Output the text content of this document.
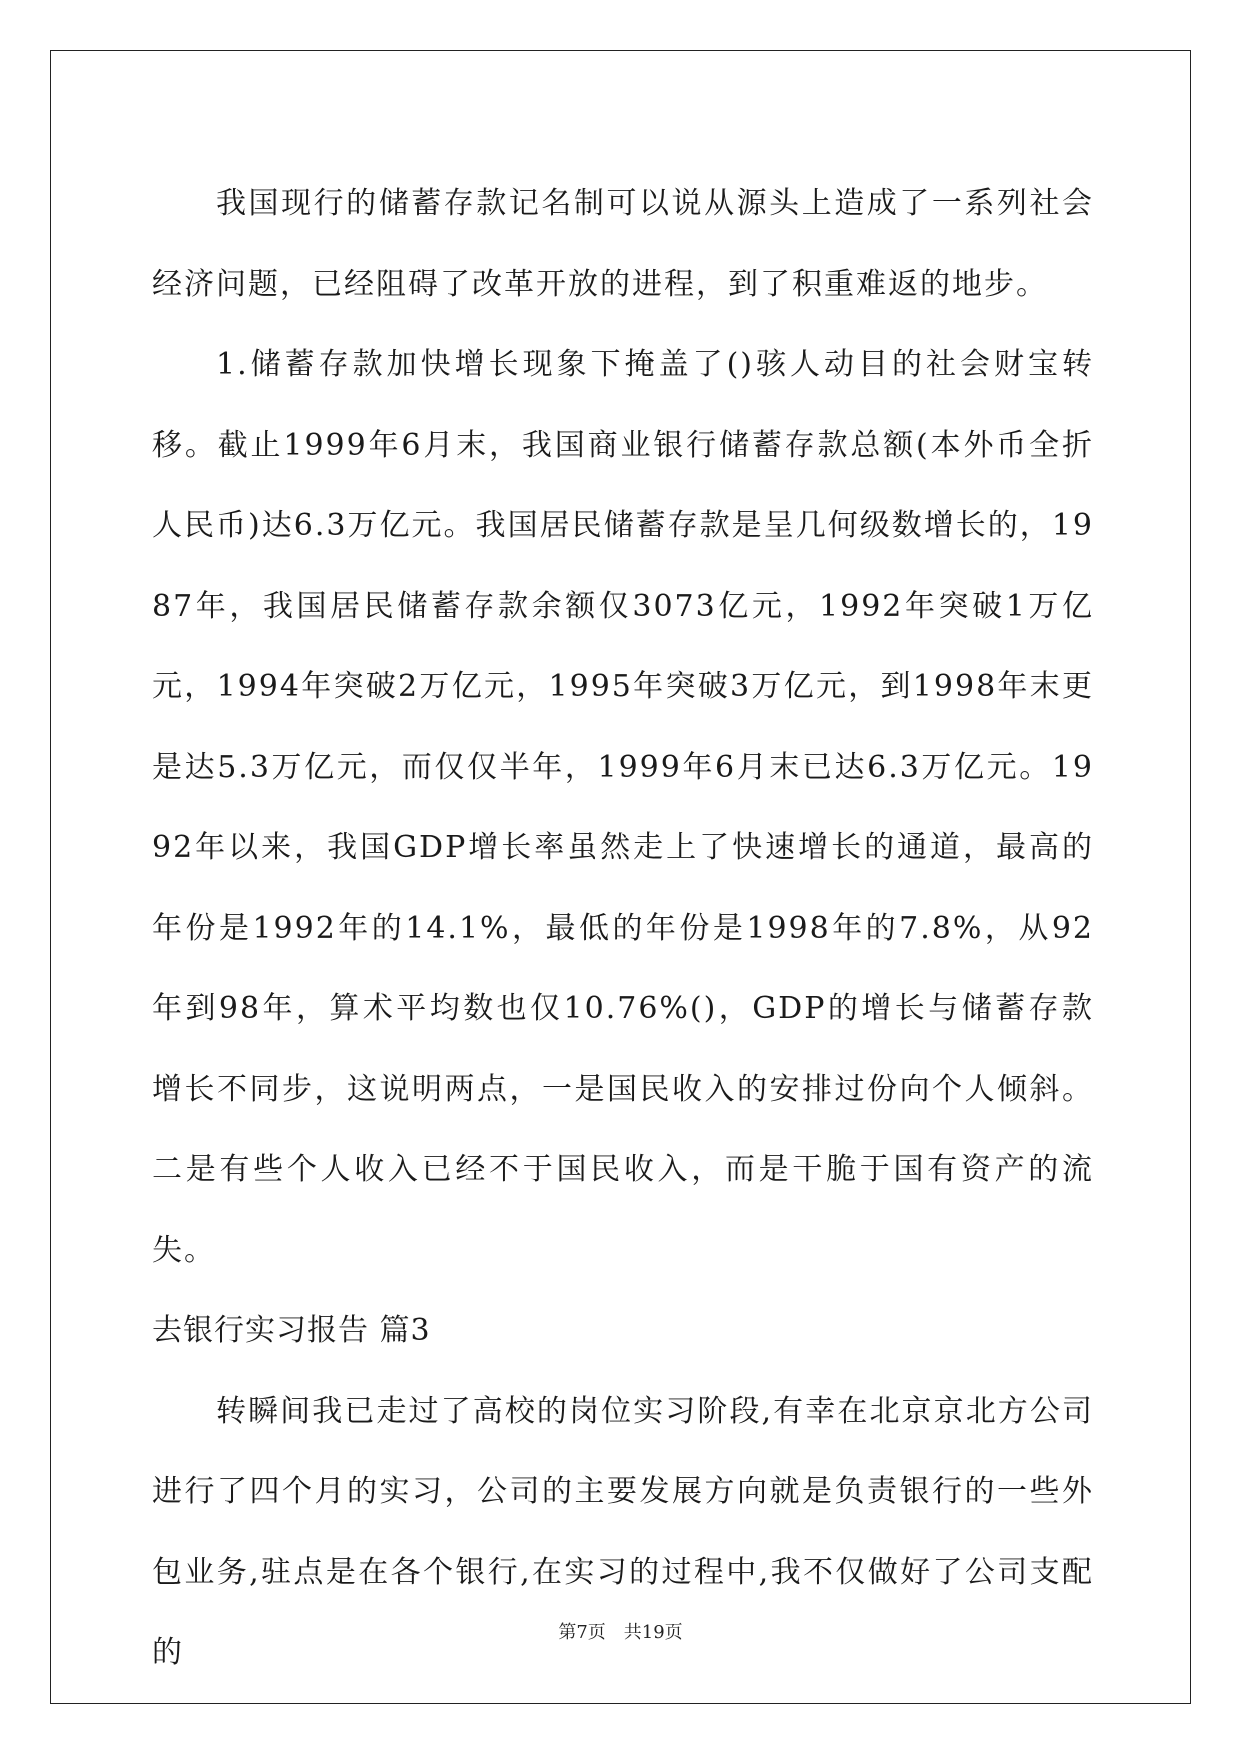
我国现行的储蓄存款记名制可以说从源头上造成了一系列社会经济问题，已经阻碍了改革开放的进程，到了积重难返的地步。

1.储蓄存款加快增长现象下掩盖了()骇人动目的社会财宝转移。截止1999年6月末，我国商业银行储蓄存款总额(本外币全折人民币)达6.3万亿元。我国居民储蓄存款是呈几何级数增长的，1987年，我国居民储蓄存款余额仅3073亿元，1992年突破1万亿元，1994年突破2万亿元，1995年突破3万亿元，到1998年末更是达5.3万亿元，而仅仅半年，1999年6月末已达6.3万亿元。1992年以来，我国GDP增长率虽然走上了快速增长的通道，最高的年份是1992年的14.1%，最低的年份是1998年的7.8%，从92年到98年，算术平均数也仅10.76%()，GDP的增长与储蓄存款增长不同步，这说明两点，一是国民收入的安排过份向个人倾斜。二是有些个人收入已经不于国民收入，而是干脆于国有资产的流失。

去银行实习报告 篇3

转瞬间我已走过了高校的岗位实习阶段,有幸在北京京北方公司进行了四个月的实习，公司的主要发展方向就是负责银行的一些外包业务,驻点是在各个银行,在实习的过程中,我不仅做好了公司支配的

第7页 共19页
